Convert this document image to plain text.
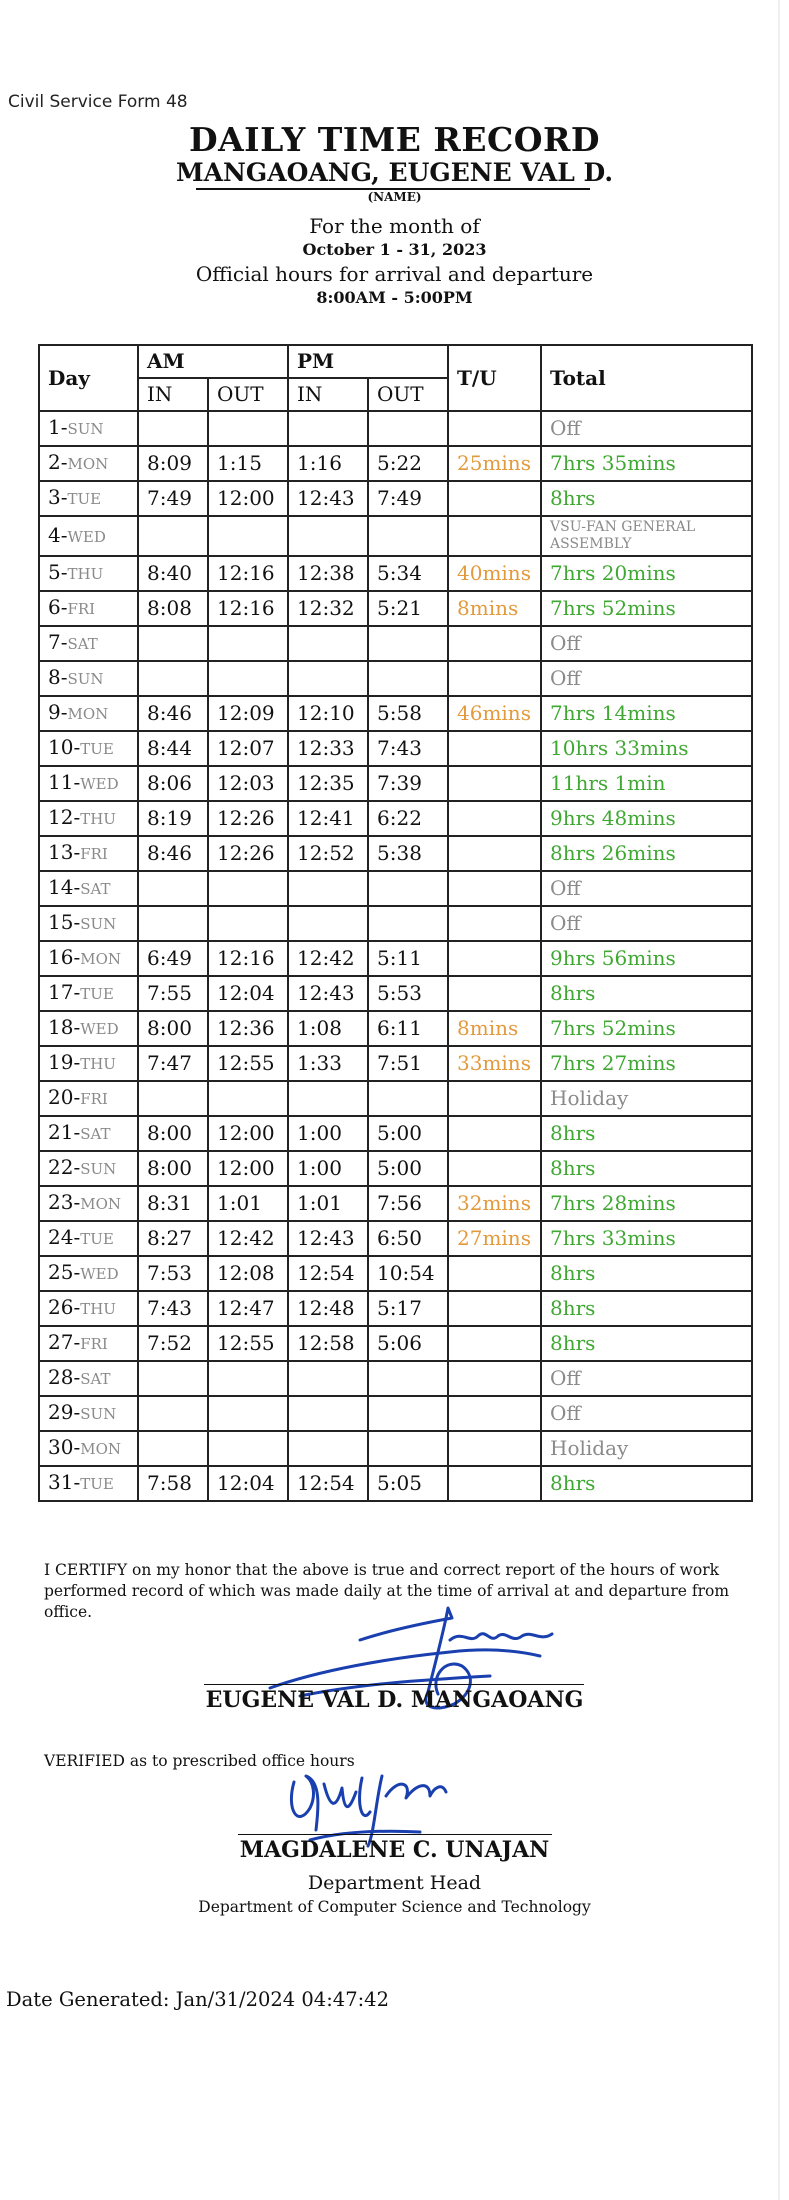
Civil Service Form 48
DAILY TIME RECORD
MANGAOANG, EUGENE VAL D.
(NAME)
For the month of
October 1 - 31, 2023
Official hours for arrival and departure
8:00AM - 5:00PM
Day	AM		PM		T/U	Total
	IN	OUT	IN	OUT		
1-SUN						Off
2-MON	8:09	1:15	1:16	5:22	25mins	7hrs 35mins
3-TUE	7:49	12:00	12:43	7:49		8hrs
4-WED						VSU-FAN GENERAL ASSEMBLY
5-THU	8:40	12:16	12:38	5:34	40mins	7hrs 20mins
6-FRI	8:08	12:16	12:32	5:21	8mins	7hrs 52mins
7-SAT						Off
8-SUN						Off
9-MON	8:46	12:09	12:10	5:58	46mins	7hrs 14mins
10-TUE	8:44	12:07	12:33	7:43		10hrs 33mins
11-WED	8:06	12:03	12:35	7:39		11hrs 1min
12-THU	8:19	12:26	12:41	6:22		9hrs 48mins
13-FRI	8:46	12:26	12:52	5:38		8hrs 26mins
14-SAT						Off
15-SUN						Off
16-MON	6:49	12:16	12:42	5:11		9hrs 56mins
17-TUE	7:55	12:04	12:43	5:53		8hrs
18-WED	8:00	12:36	1:08	6:11	8mins	7hrs 52mins
19-THU	7:47	12:55	1:33	7:51	33mins	7hrs 27mins
20-FRI						Holiday
21-SAT	8:00	12:00	1:00	5:00		8hrs
22-SUN	8:00	12:00	1:00	5:00		8hrs
23-MON	8:31	1:01	1:01	7:56	32mins	7hrs 28mins
24-TUE	8:27	12:42	12:43	6:50	27mins	7hrs 33mins
25-WED	7:53	12:08	12:54	10:54		8hrs
26-THU	7:43	12:47	12:48	5:17		8hrs
27-FRI	7:52	12:55	12:58	5:06		8hrs
28-SAT						Off
29-SUN						Off
30-MON						Holiday
31-TUE	7:58	12:04	12:54	5:05		8hrs
I CERTIFY on my honor that the above is true and correct report of the hours of work performed record of which was made daily at the time of arrival at and departure from office.
EUGENE VAL D. MANGAOANG
VERIFIED as to prescribed office hours
MAGDALENE C. UNAJAN
Department Head
Department of Computer Science and Technology
Date Generated: Jan/31/2024 04:47:42
